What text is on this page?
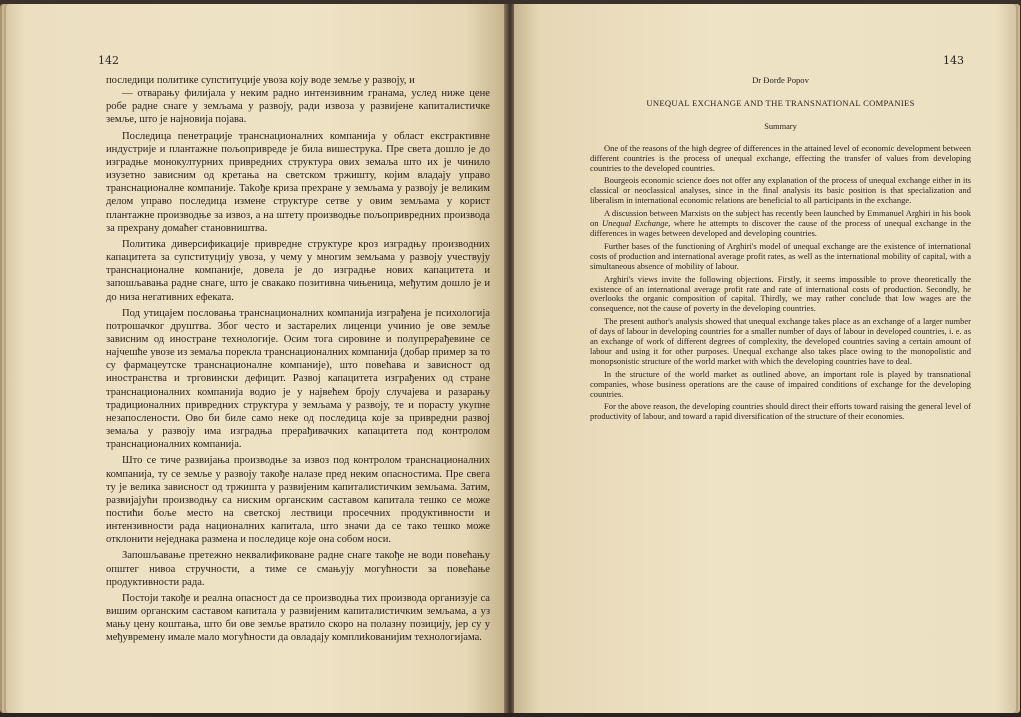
142

последици политике супституције увоза коју воде земље у развоју, и

— отварању филијала у неким радно интензивним гранама, услед ниже цене робе радне снаге у земљама у развоју, ради извоза у развијене капиталистичке земље, што је најновија појава.

Последица пенетрације транснационалних компанија у област екстрактивне индустрије и плантажне пољопривреде је била вишеструка. Пре света дошло је до изградње монокултурних привредних структура ових земаља што их је чинило изузетно зависним од кретања на светском тржишту, којим владају управо транснационалне компаније. Takође криза прехране у земљама у развоју је великим делом управо последица измене структуре сетве у овим земљама у корист плантажне производње за извоз, а на штету производње пољопривредних производа за прехрану домаћег становништва.

Политика диверсификације привредне структуре кроз изградњу производних капацитета за супституцију увоза, у чему у многим земљама у развоју учествују транснационалне компаније, довела је до изградње нових капацитета и запошљавања радне снаге, што је свакако позитивна чињеница, међутим дошло је и до низа негативних ефеката.

Под утицајем пословања транснационалних компанија изграђена је психологија потрошачког друштва. Због често и застарелих лиценци учинио је ове земље зависним од иностране технологије. Осим тога сировине и полупрерађевине се најчешће увозе из земаља порекла транснационалних компанија (добар пример за то су фармацеутске транснационалне компаније), што повећава и зависност од иностранства и трговински дефицит. Развој капацитета изграђених од стране транснационалних компанија водио је у највећем броју случајева и разарању традиционалних привредних структура у земљама у развоју, те и порасту укупне незапослености. Ово би биле само неке од последица које за привредни развој земаља у развоју има изградња прерађивачких капацитета под контролом транснационалних компанија.

Што се тиче развијања производње за извоз под контролом транснационалних компанија, ту се земље у развоју такође налазе пред неким опасностима. Пре свега ту је велика зависност од тржишта у развијеним капиталистичким земљама. Затим, развијајући производњу са ниским органским саставом капитала тешко се може постићи боље место на светској лествици просечних продуктивности и интензивности рада националних капитала, што значи да се тако тешко може отклонити неједнака размена и последице које она собом носи.

Запошљавање претежно неквалификоване радне снаге такође не води повећању општег нивоа стручности, а тиме се смањују могућности за повећање продуктивности рада.

Постоји такође и реална опасност да се производња тих производа организује са вишим органским саставом капитала у развијеним капиталистичким земљама, а уз мању цену коштања, што би ове земље вратило скоро на полазну позицију, јер су у међувремену имале мало могућности да овладају комплиkованијим технологијама.

143
Dr Đorđe Popov
UNEQUAL EXCHANGE AND THE TRANSNATIONAL COMPANIES
Summary

One of the reasons of the high degree of differences in the attained level of economic development between different countries is the process of unequal exchange, effecting the transfer of values from developing countries to the developed countries.

Bourgeois economic science does not offer any explanation of the process of unequal exchange either in its classical or neoclassical analyses, since in the final analysis its basic position is that specialization and liberalism in international economic relations are beneficial to all participants in the exchange.

A discussion between Marxists on the subject has recently been launched by Emmanuel Arghiri in his book on Unequal Exchange, where he attempts to discover the cause of the process of unequal exchange in the differences in wages between developed and developing countries.

Further bases of the functioning of Arghiri's model of unequal exchange are the existence of international costs of production and international average profit rates, as well as the international mobility of capital, with a simultaneous absence of mobility of labour.

Arghiri's views invite the following objections. Firstly, it seems impossible to prove theoretically the existence of an international average profit rate and rate of international costs of production. Secondly, he overlooks the organic composition of capital. Thirdly, we may rather conclude that low wages are the consequence, not the cause of poverty in the developing countries.

The present author's analysis showed that unequal exchange takes place as an exchange of a larger number of days of labour in developing countries for a smaller number of days of labour in developed countries, i. e. as an exchange of work of different degrees of complexity, the developed countries saving a certain amount of labour and using it for other purposes. Unequal exchange also takes place owing to the monopolistic and monopsonistic structure of the world market with which the developing countries have to deal.

In the structure of the world market as outlined above, an important role is played by transnational companies, whose business operations are the cause of impaired conditions of exchange for the developing countries.

For the above reason, the developing countries should direct their efforts toward raising the general level of productivity of labour, and toward a rapid diversification of the structure of their economies.
